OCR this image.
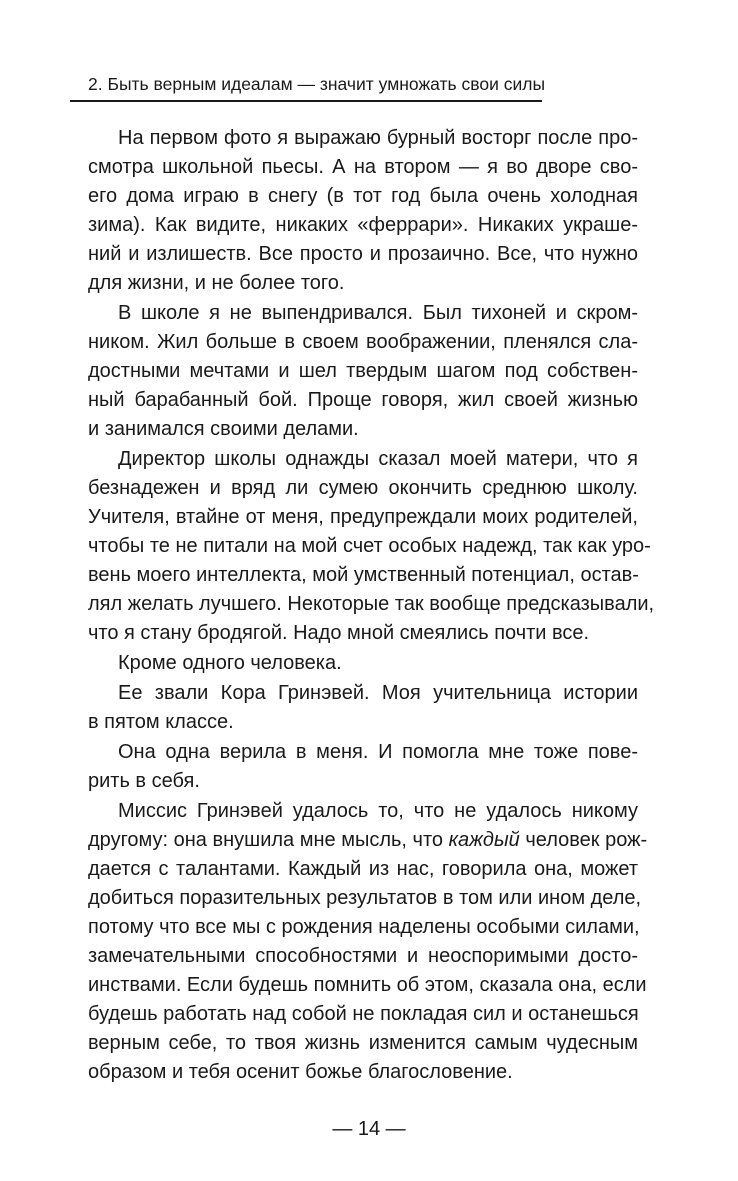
2. Быть верным идеалам — значит умножать свои силы

На первом фото я выражаю бурный восторг после про-
смотра школьной пьесы. А на втором — я во дворе сво-
его дома играю в снегу (в тот год была очень холодная
зима). Как видите, никаких «феррари». Никаких украше-
ний и излишеств. Все просто и прозаично. Все, что нужно
для жизни, и не более того.

В школе я не выпендривался. Был тихоней и скром-
ником. Жил больше в своем воображении, пленялся сла-
достными мечтами и шел твердым шагом под собствен-
ный барабанный бой. Проще говоря, жил своей жизнью
и занимался своими делами.

Директор школы однажды сказал моей матери, что я
безнадежен и вряд ли сумею окончить среднюю школу.
Учителя, втайне от меня, предупреждали моих родителей,
чтобы те не питали на мой счет особых надежд, так как уро-
вень моего интеллекта, мой умственный потенциал, остав-
лял желать лучшего. Некоторые так вообще предсказывали,
что я стану бродягой. Надо мной смеялись почти все.

Кроме одного человека.

Ее звали Кора Гринэвей. Моя учительница истории
в пятом классе.

Она одна верила в меня. И помогла мне тоже пове-
рить в себя.

Миссис Гринэвей удалось то, что не удалось никому
другому: она внушила мне мысль, что каждый человек рож-
дается с талантами. Каждый из нас, говорила она, может
добиться поразительных результатов в том или ином деле,
потому что все мы с рождения наделены особыми силами,
замечательными способностями и неоспоримыми досто-
инствами. Если будешь помнить об этом, сказала она, если
будешь работать над собой не покладая сил и останешься
верным себе, то твоя жизнь изменится самым чудесным
образом и тебя осенит божье благословение.

— 14 —
